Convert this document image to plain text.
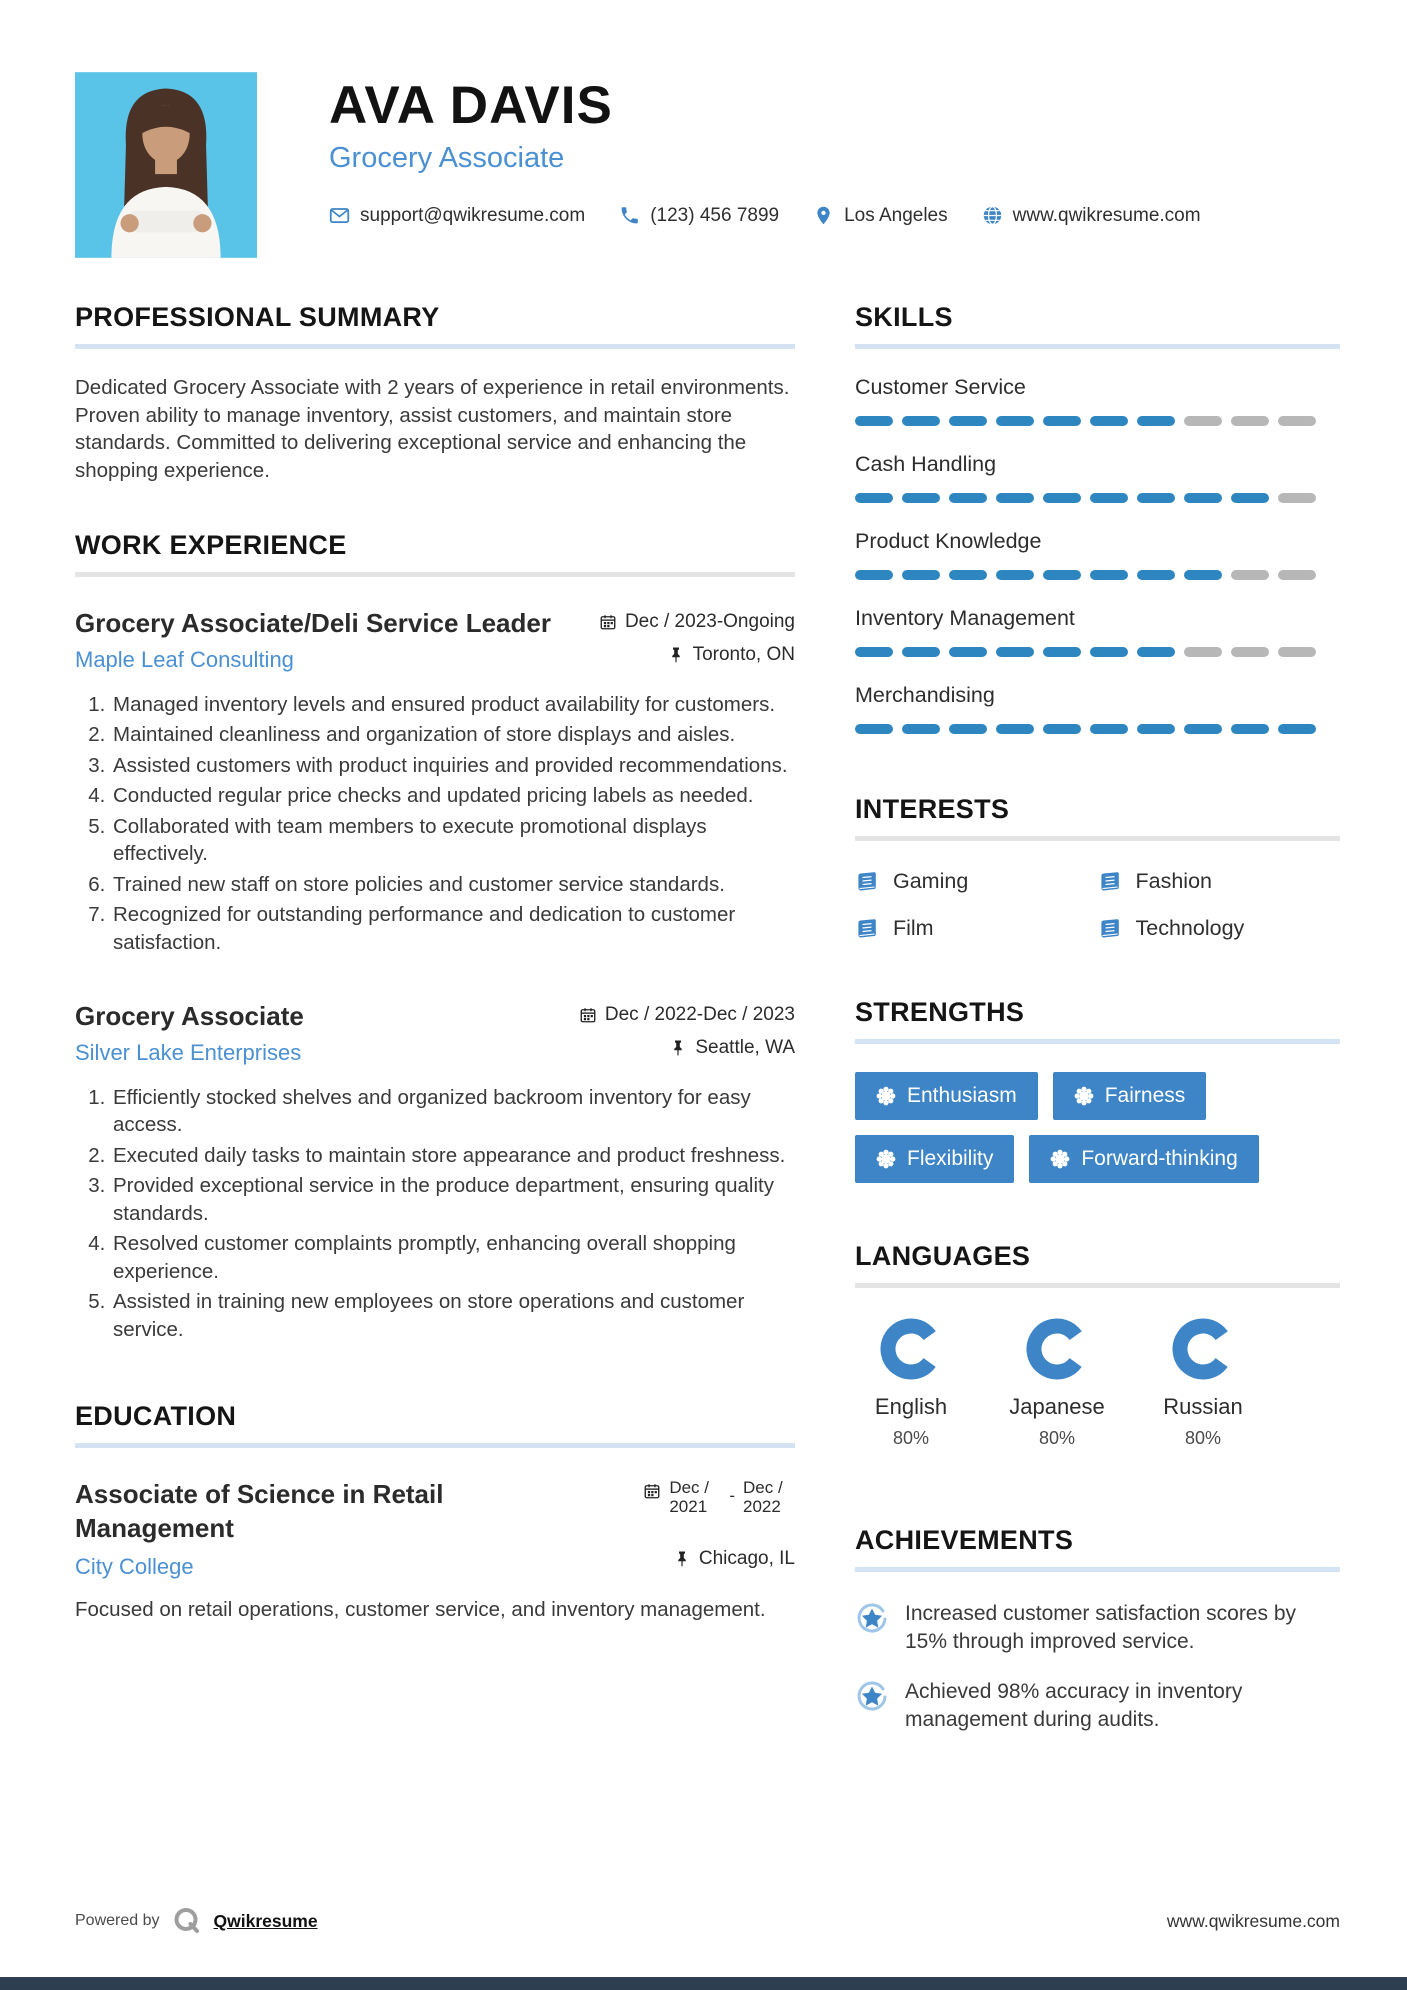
AVA DAVIS
Grocery Associate
support@qwikresume.com	(123) 456 7899	Los Angeles	www.qwikresume.com
PROFESSIONAL SUMMARY
Dedicated Grocery Associate with 2 years of experience in retail environments. Proven ability to manage inventory, assist customers, and maintain store standards. Committed to delivering exceptional service and enhancing the shopping experience.
WORK EXPERIENCE
Grocery Associate/Deli Service Leader
Maple Leaf Consulting
Dec / 2023-Ongoing
Toronto, ON
1. Managed inventory levels and ensured product availability for customers.
2. Maintained cleanliness and organization of store displays and aisles.
3. Assisted customers with product inquiries and provided recommendations.
4. Conducted regular price checks and updated pricing labels as needed.
5. Collaborated with team members to execute promotional displays effectively.
6. Trained new staff on store policies and customer service standards.
7. Recognized for outstanding performance and dedication to customer satisfaction.
Grocery Associate
Silver Lake Enterprises
Dec / 2022-Dec / 2023
Seattle, WA
1. Efficiently stocked shelves and organized backroom inventory for easy access.
2. Executed daily tasks to maintain store appearance and product freshness.
3. Provided exceptional service in the produce department, ensuring quality standards.
4. Resolved customer complaints promptly, enhancing overall shopping experience.
5. Assisted in training new employees on store operations and customer service.
EDUCATION
Associate of Science in Retail Management
City College
Dec / 2021
- Dec / 2022
Chicago, IL
Focused on retail operations, customer service, and inventory management.
SKILLS
Customer Service
Cash Handling
Product Knowledge
Inventory Management
Merchandising
INTERESTS
Gaming	Fashion
Film	Technology
STRENGTHS
Enthusiasm	Fairness
Flexibility	Forward-thinking
LANGUAGES
English
80%
Japanese
80%
Russian
80%
ACHIEVEMENTS
Increased customer satisfaction scores by 15% through improved service.
Achieved 98% accuracy in inventory management during audits.
Powered by	Qwikresume	www.qwikresume.com
